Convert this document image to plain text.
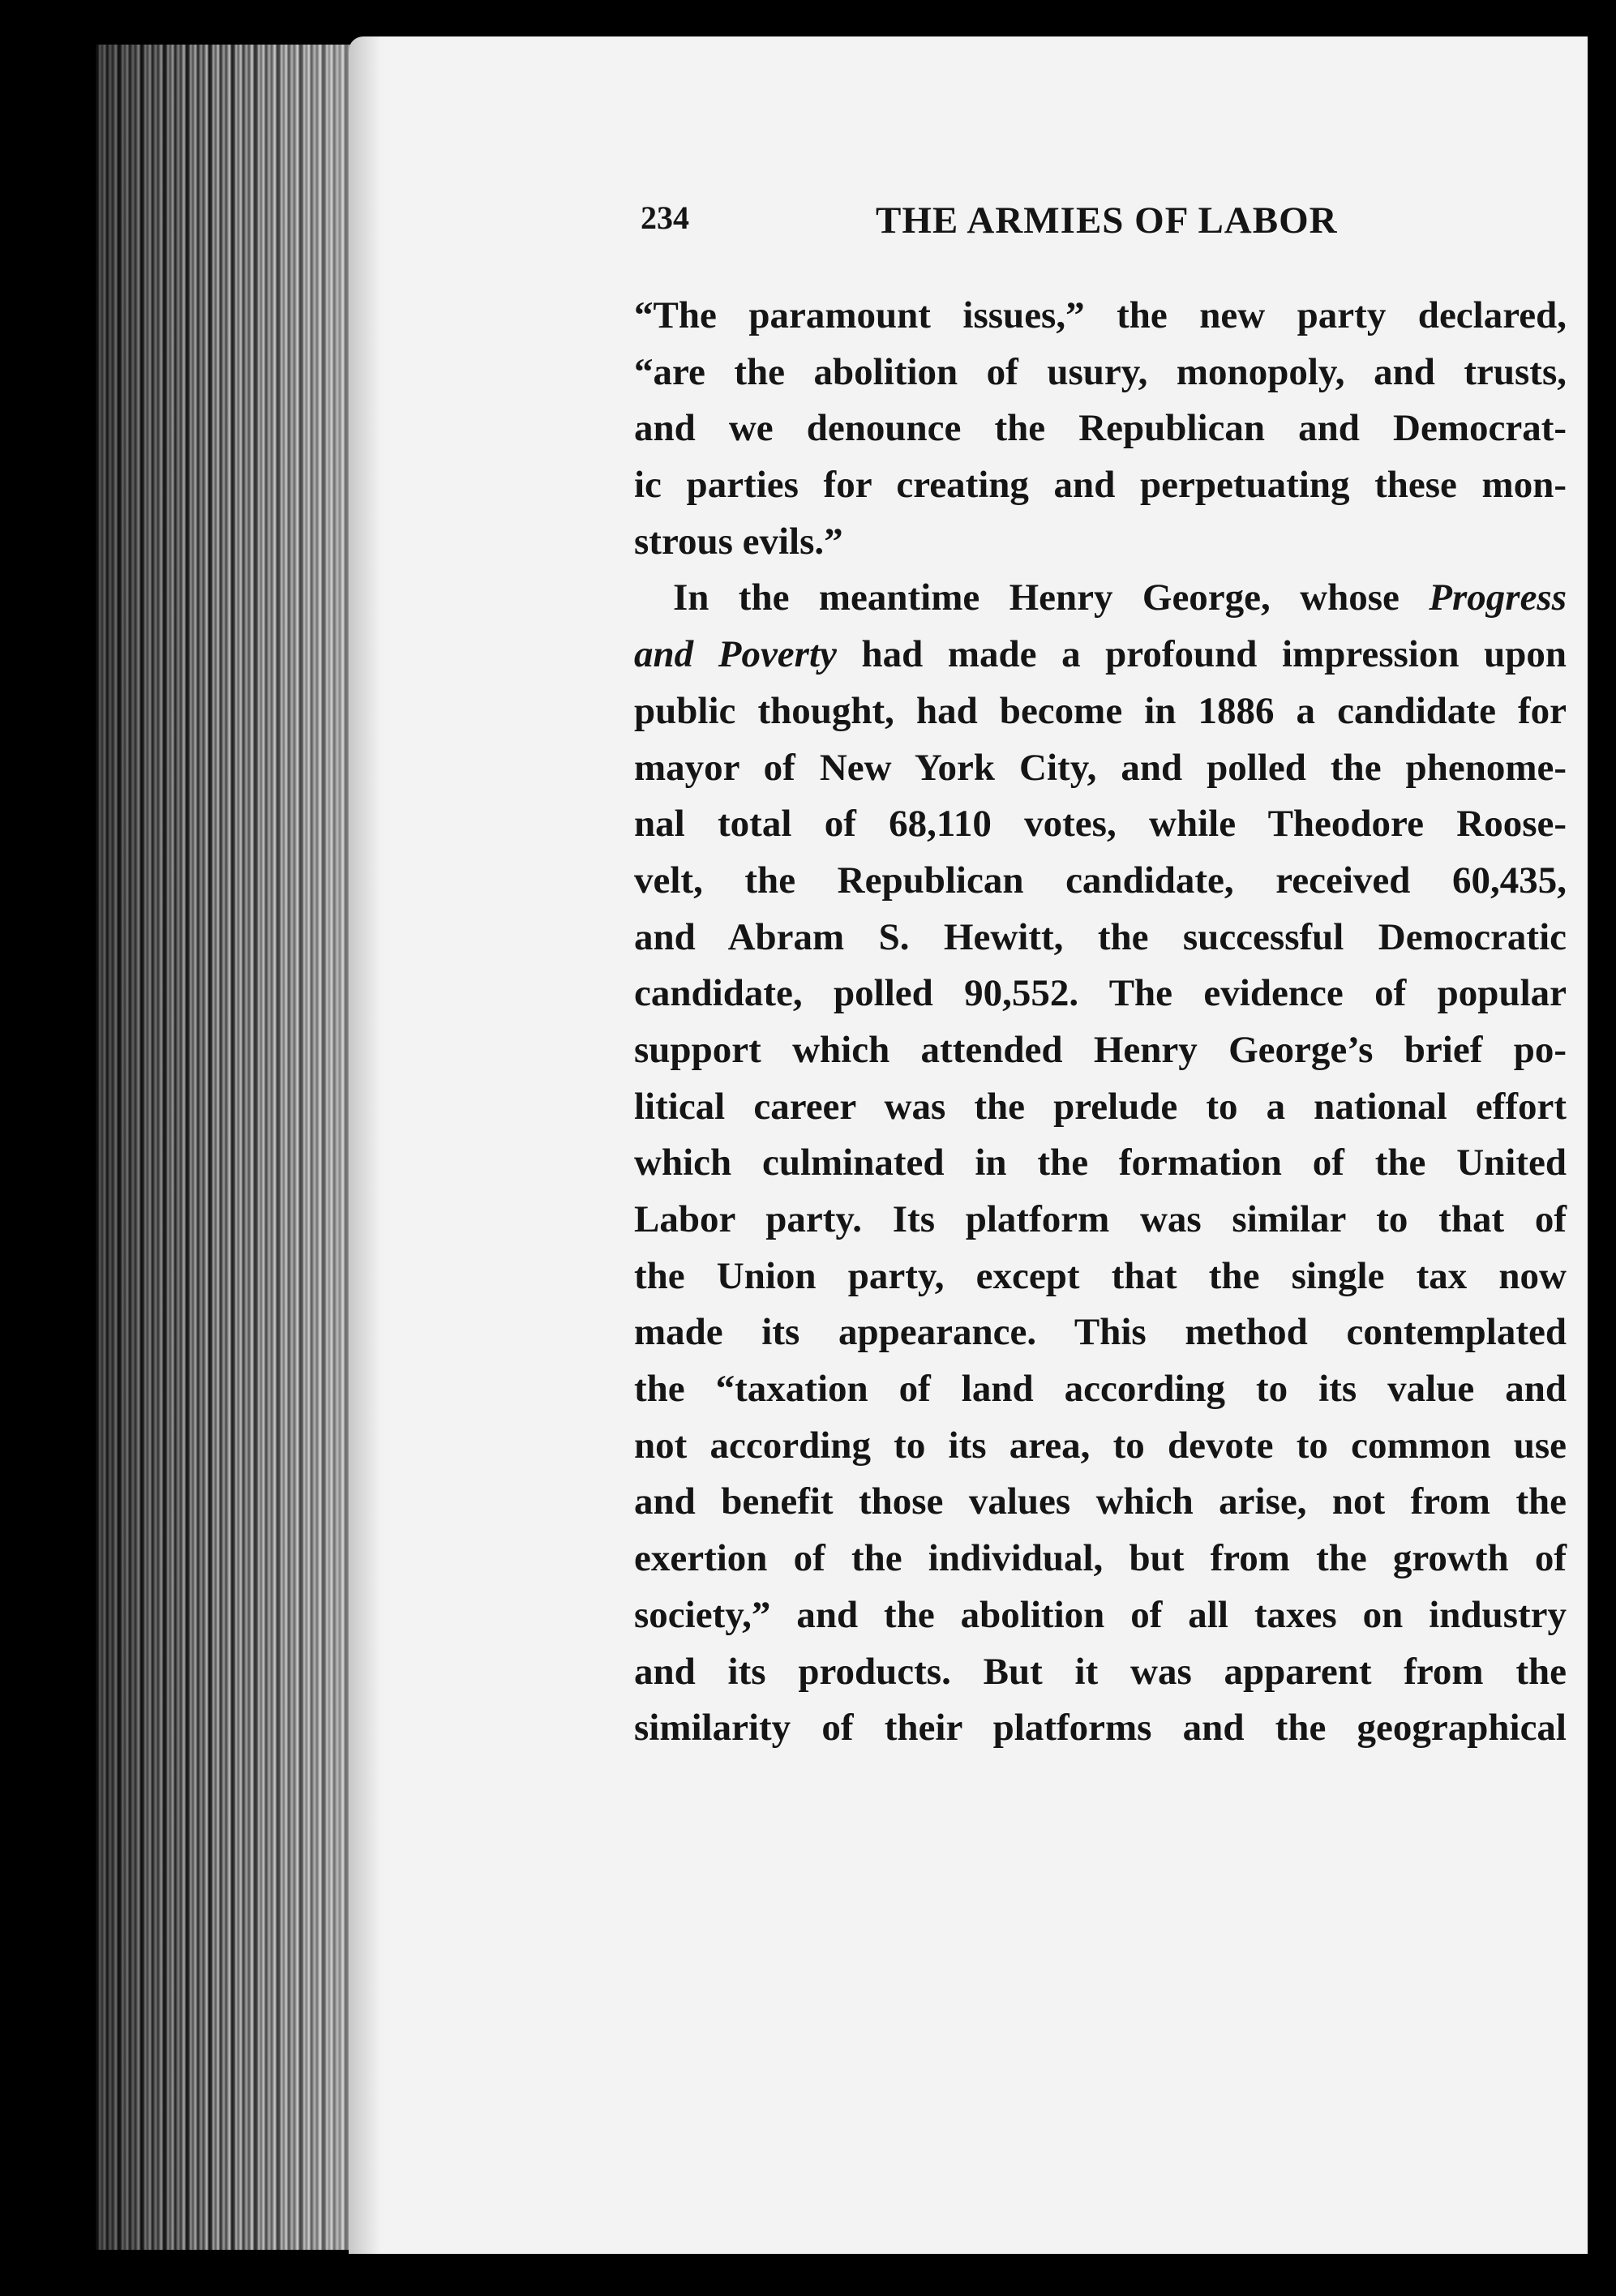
234	THE ARMIES OF LABOR
“The paramount issues,” the new party declared,
“are the abolition of usury, monopoly, and trusts,
and we denounce the Republican and Democrat-
ic parties for creating and perpetuating these mon-
strous evils.”
In the meantime Henry George, whose Progress
and Poverty had made a profound impression upon
public thought, had become in 1886 a candidate for
mayor of New York City, and polled the phenome-
nal total of 68,110 votes, while Theodore Roose-
velt, the Republican candidate, received 60,435,
and Abram S. Hewitt, the successful Democratic
candidate, polled 90,552. The evidence of popular
support which attended Henry George’s brief po-
litical career was the prelude to a national effort
which culminated in the formation of the United
Labor party. Its platform was similar to that of
the Union party, except that the single tax now
made its appearance. This method contemplated
the “taxation of land according to its value and
not according to its area, to devote to common use
and benefit those values which arise, not from the
exertion of the individual, but from the growth of
society,” and the abolition of all taxes on industry
and its products. But it was apparent from the
similarity of their platforms and the geographical
